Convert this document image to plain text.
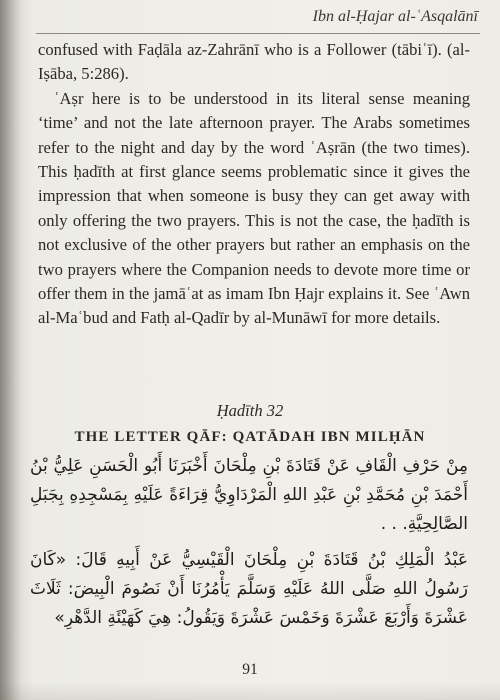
Ibn al-Ḥajar al-ʿAsqalānī

confused with Faḍāla az-Zahrānī who is a Follower (tābiʿī). (al-Iṣāba, 5:286).

ʿAṣr here is to be understood in its literal sense meaning ‘time’ and not the late afternoon prayer. The Arabs sometimes refer to the night and day by the word ʿAṣrān (the two times). This ḥadīth at first glance seems problematic since it gives the impression that when someone is busy they can get away with only offering the two prayers. This is not the case, the ḥadīth is not exclusive of the other prayers but rather an emphasis on the two prayers where the Companion needs to devote more time or offer them in the jamāʿat as imam Ibn Ḥajr explains it. See ʿAwn al-Maʿbud and Fatḥ al-Qadīr by al-Munāwī for more details.

Ḥadīth 32
THE LETTER QĀF: QATĀDAH IBN MILḤĀN

مِنْ حَرْفِ الْقَافِ عَنْ قَتَادَةَ بْنِ مِلْحَانَ أَخْبَرَنَا أَبُو الْحَسَنِ عَلِيُّ بْنُ أَحْمَدَ بْنِ مُحَمَّدِ بْنِ عَبْدِ اللهِ الْمَرْدَاوِيُّ قِرَاءَةً عَلَيْهِ بِمَسْجِدِهِ بِجَبَلِ الصَّالِحِيَّةِ. . .

عَبْدُ الْمَلِكِ بْنُ قَتَادَةَ بْنِ مِلْحَانَ الْقَيْسِيُّ عَنْ أَبِيهِ قَالَ: «كَانَ رَسُولُ اللهِ صَلَّى اللهُ عَلَيْهِ وَسَلَّمَ يَأْمُرُنَا أَنْ نَصُومَ الْبِيضَ: ثَلَاثَ عَشْرَةَ وَأَرْبَعَ عَشْرَةَ وَخَمْسَ عَشْرَةَ وَيَقُولُ: هِيَ كَهَيْئَةِ الدَّهْرِ»

91
